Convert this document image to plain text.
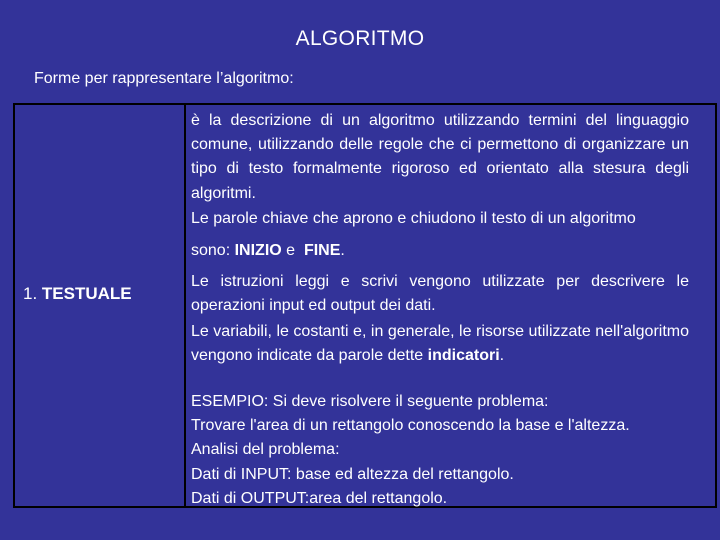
ALGORITMO
Forme per rappresentare l’algoritmo:
1. TESTUALE

è la descrizione di un algoritmo utilizzando termini del linguaggio comune, utilizzando delle regole che ci permettono di organizzare un tipo di testo formalmente rigoroso ed orientato alla stesura degli algoritmi.

Le parole chiave che aprono e chiudono il testo di un algoritmo

sono: INIZIO e  FINE.

Le istruzioni leggi e scrivi vengono utilizzate per descrivere le operazioni input ed output dei dati.

Le variabili, le costanti e, in generale, le risorse utilizzate nell'algoritmo vengono indicate da parole dette indicatori.

ESEMPIO: Si deve risolvere il seguente problema:

Trovare l'area di un rettangolo conoscendo la base e l'altezza.

Analisi del problema:

Dati di INPUT: base ed altezza del rettangolo.

Dati di OUTPUT:area del rettangolo.
